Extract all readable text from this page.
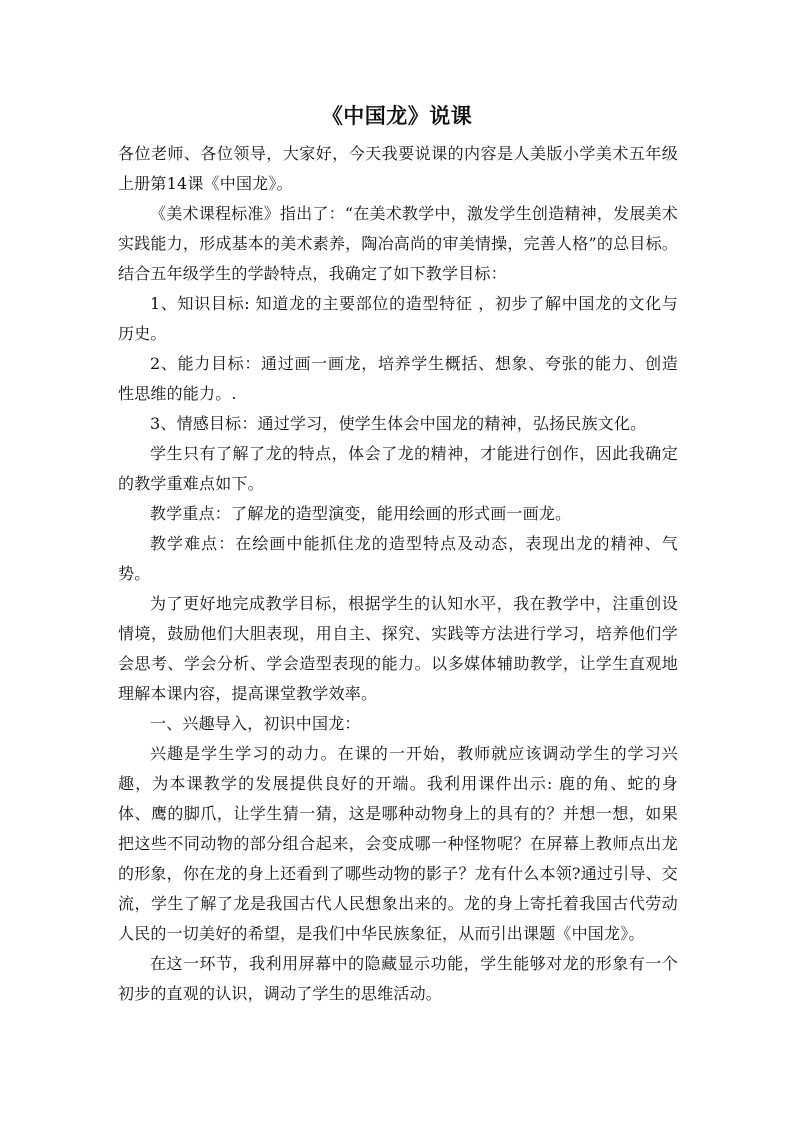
《中国龙》说课

各位老师、各位领导，大家好，今天我要说课的内容是人美版小学美术五年级上册第14课《中国龙》。

《美术课程标准》指出了：“在美术教学中，激发学生创造精神，发展美术实践能力，形成基本的美术素养，陶冶高尚的审美情操，完善人格”的总目标。结合五年级学生的学龄特点，我确定了如下教学目标：

1、知识目标: 知道龙的主要部位的造型特征 ，初步了解中国龙的文化与历史。

2、能力目标：通过画一画龙，培养学生概括、想象、夸张的能力、创造性思维的能力。.

3、情感目标：通过学习，使学生体会中国龙的精神，弘扬民族文化。

学生只有了解了龙的特点，体会了龙的精神，才能进行创作，因此我确定的教学重难点如下。

教学重点：了解龙的造型演变，能用绘画的形式画一画龙。

教学难点：在绘画中能抓住龙的造型特点及动态，表现出龙的精神、气势。

为了更好地完成教学目标，根据学生的认知水平，我在教学中，注重创设情境，鼓励他们大胆表现，用自主、探究、实践等方法进行学习，培养他们学会思考、学会分析、学会造型表现的能力。以多媒体辅助教学，让学生直观地理解本课内容，提高课堂教学效率。

一、兴趣导入，初识中国龙：

兴趣是学生学习的动力。在课的一开始，教师就应该调动学生的学习兴趣，为本课教学的发展提供良好的开端。我利用课件出示: 鹿的角、蛇的身体、鹰的脚爪，让学生猜一猜，这是哪种动物身上的具有的？并想一想，如果把这些不同动物的部分组合起来，会变成哪一种怪物呢？在屏幕上教师点出龙的形象，你在龙的身上还看到了哪些动物的影子？龙有什么本领?通过引导、交流，学生了解了龙是我国古代人民想象出来的。龙的身上寄托着我国古代劳动人民的一切美好的希望，是我们中华民族象征，从而引出课题《中国龙》。

在这一环节，我利用屏幕中的隐藏显示功能，学生能够对龙的形象有一个初步的直观的认识，调动了学生的思维活动。
